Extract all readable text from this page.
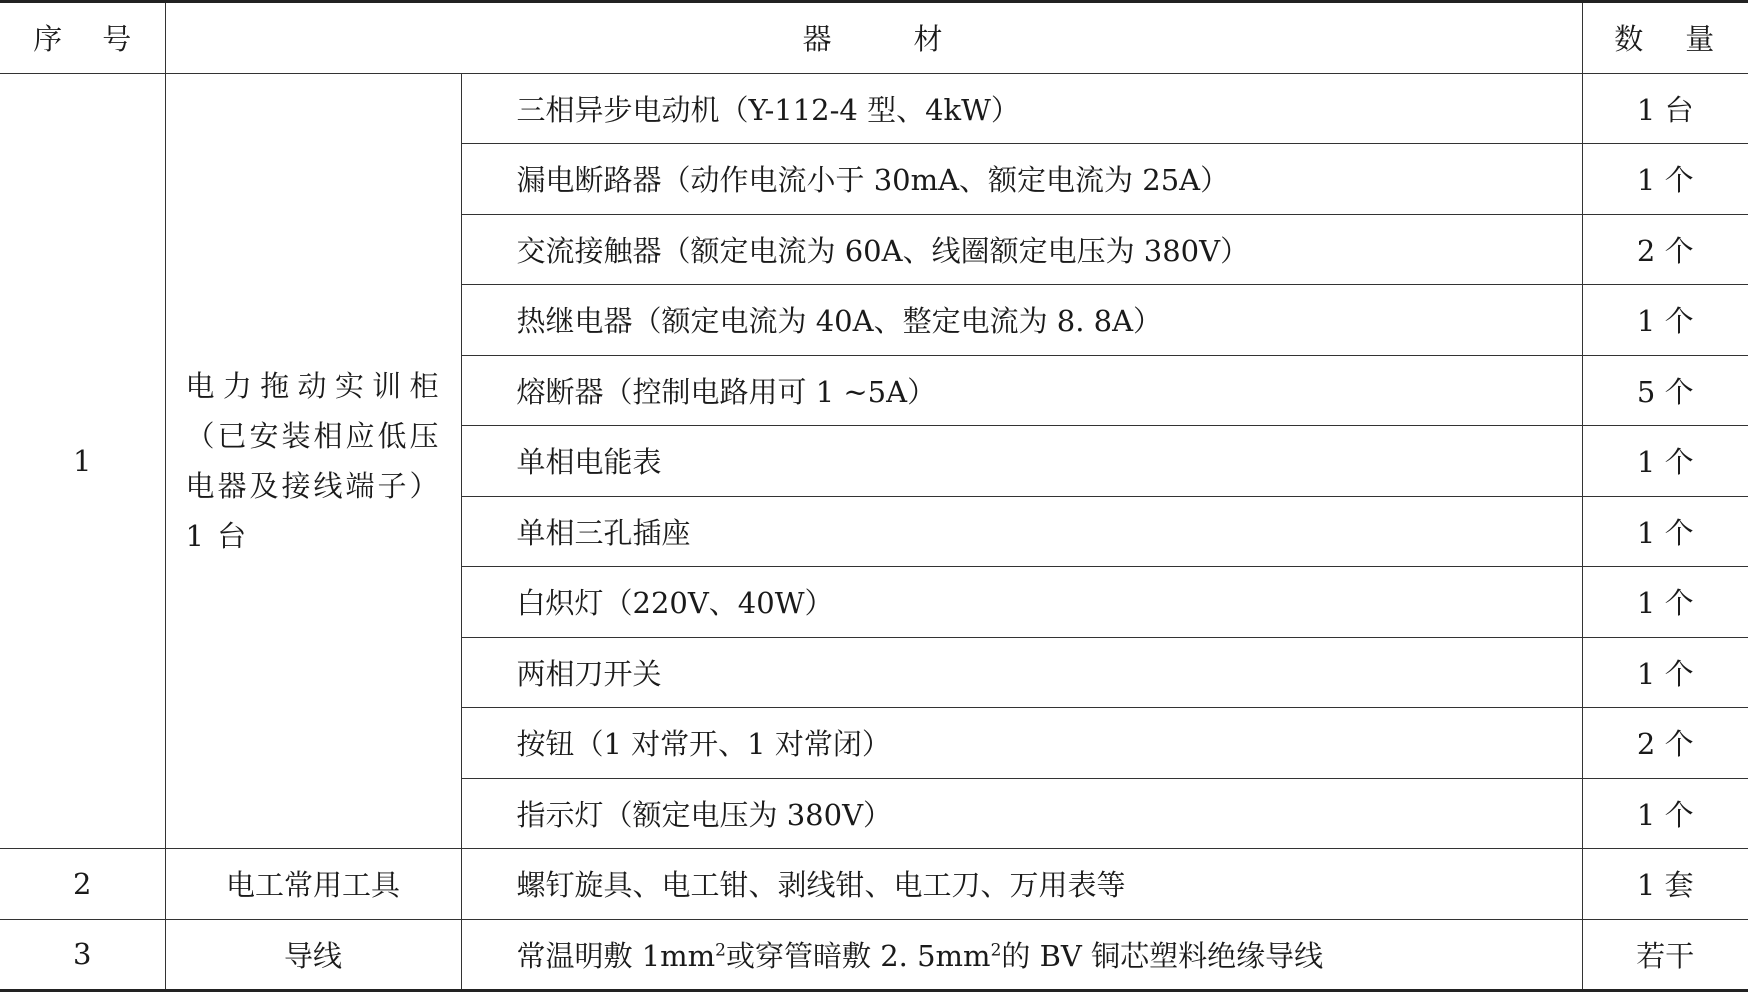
序 号	器 材		数 量
1	电力拖动实训柜（已安装相应低压电器及接线端子）1 台	三相异步电动机（Y-112-4 型、4kW）	1 台
		漏电断路器（动作电流小于 30mA、额定电流为 25A）	1 个
		交流接触器（额定电流为 60A、线圈额定电压为 380V）	2 个
		热继电器（额定电流为 40A、整定电流为 8. 8A）	1 个
		熔断器（控制电路用可 1 ~5A）	5 个
		单相电能表	1 个
		单相三孔插座	1 个
		白炽灯（220V、40W）	1 个
		两相刀开关	1 个
		按钮（1 对常开、1 对常闭）	2 个
		指示灯（额定电压为 380V）	1 个
2	电工常用工具	螺钉旋具、电工钳、剥线钳、电工刀、万用表等	1 套
3	导线	常温明敷 $1mm^2$或穿管暗敷 2. $5mm^2$的 BV 铜芯塑料绝缘导线	若干
